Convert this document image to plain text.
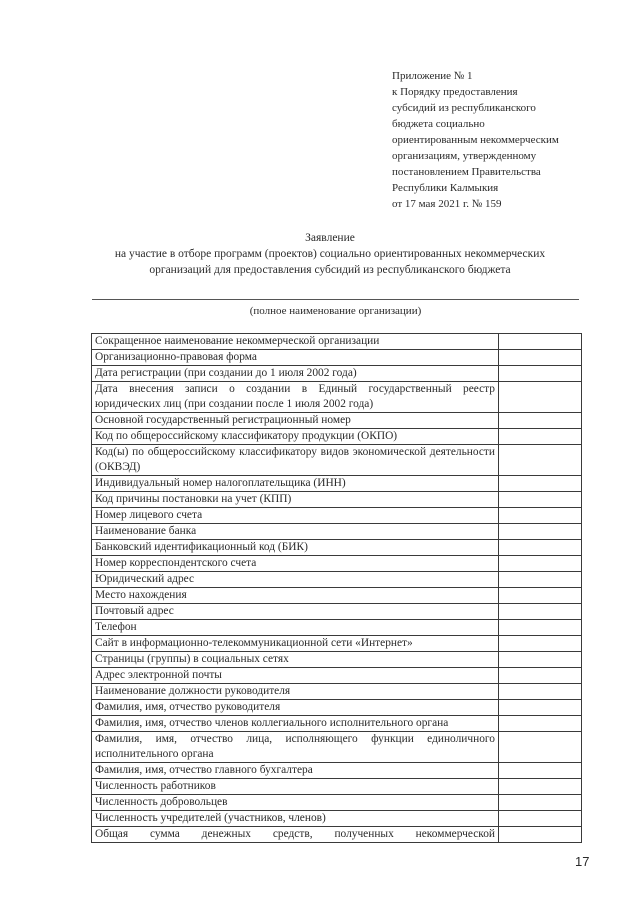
Приложение № 1
к Порядку предоставления
субсидий из республиканского
бюджета социально
ориентированным некоммерческим
организациям, утвержденному
постановлением Правительства
Республики Калмыкия
от 17 мая 2021 г. № 159
Заявление
на участие в отборе программ (проектов) социально ориентированных некоммерческих
организаций для предоставления субсидий из республиканского бюджета
(полное наименование организации)
Сокращенное наименование некоммерческой организации	
Организационно-правовая форма	
Дата регистрации (при создании до 1 июля 2002 года)	
Дата внесения записи о создании в Единый государственный реестр юридических лиц (при создании после 1 июля 2002 года)	
Основной государственный регистрационный номер	
Код по общероссийскому классификатору продукции (ОКПО)	
Код(ы) по общероссийскому классификатору видов экономической деятельности (ОКВЭД)	
Индивидуальный номер налогоплательщика (ИНН)	
Код причины постановки на учет (КПП)	
Номер лицевого счета	
Наименование банка	
Банковский идентификационный код (БИК)	
Номер корреспондентского счета	
Юридический адрес	
Место нахождения	
Почтовый адрес	
Телефон	
Сайт в информационно-телекоммуникационной сети «Интернет»	
Страницы (группы) в социальных сетях	
Адрес электронной почты	
Наименование должности руководителя	
Фамилия, имя, отчество руководителя	
Фамилия, имя, отчество членов коллегиального исполнительного органа	
Фамилия, имя, отчество лица, исполняющего функции единоличного исполнительного органа	
Фамилия, имя, отчество главного бухгалтера	
Численность работников	
Численность добровольцев	
Численность учредителей (участников, членов)	
Общая сумма денежных средств, полученных некоммерческой	
17
